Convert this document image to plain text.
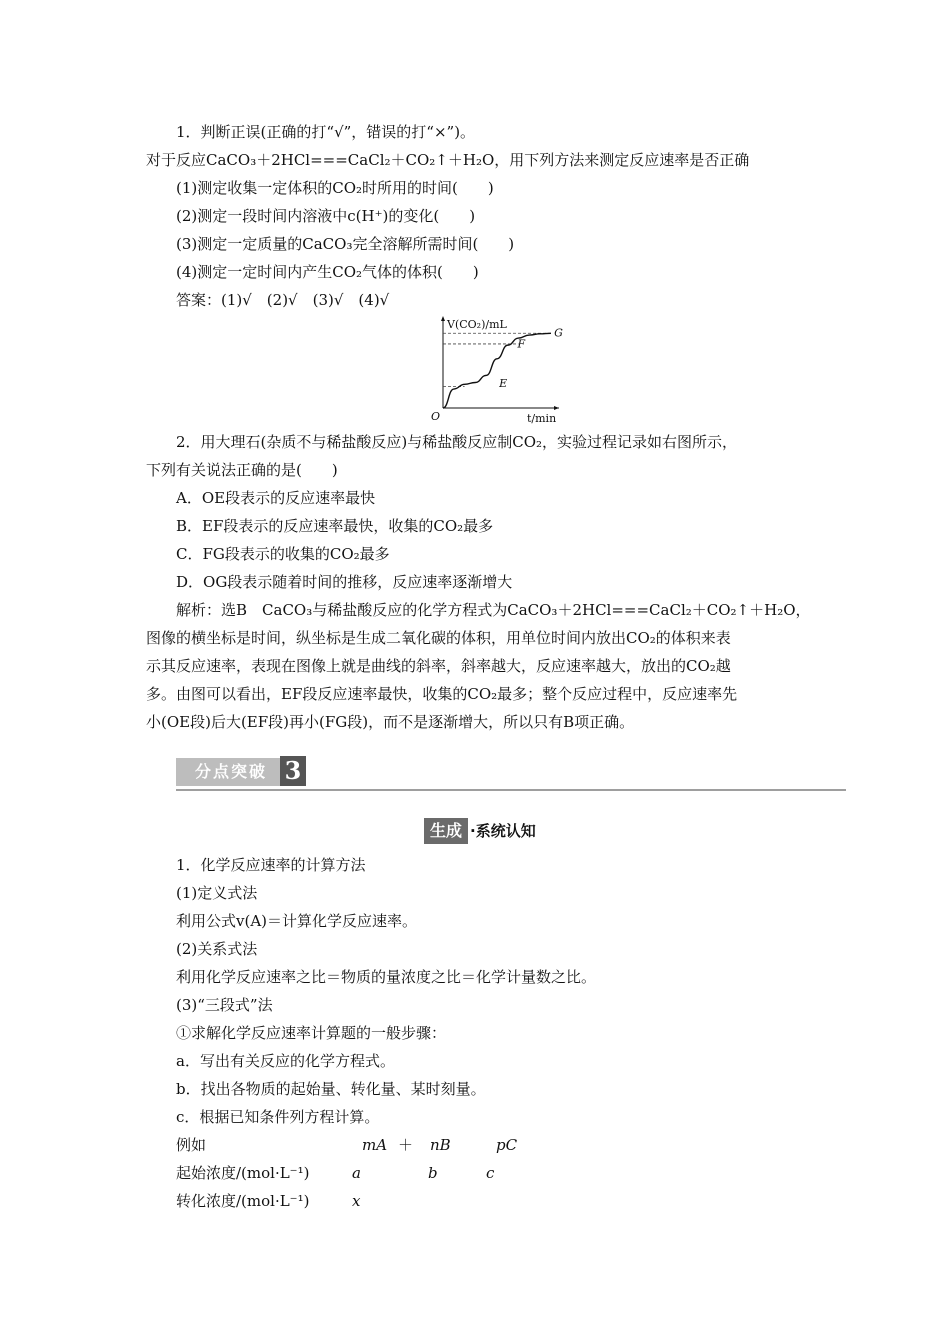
1．判断正误(正确的打“√”，错误的打“×”)。
对于反应CaCO₃＋2HCl===CaCl₂＋CO₂↑＋H₂O，用下列方法来测定反应速率是否正确
(1)测定收集一定体积的CO₂时所用的时间(　　)
(2)测定一段时间内溶液中c(H⁺)的变化(　　)
(3)测定一定质量的CaCO₃完全溶解所需时间(　　)
(4)测定一定时间内产生CO₂气体的体积(　　)
答案：(1)√　(2)√　(3)√　(4)√
V(CO₂)/mL
t/min
O
E
F
G
2．用大理石(杂质不与稀盐酸反应)与稀盐酸反应制CO₂，实验过程记录如右图所示，
下列有关说法正确的是(　　)
A．OE段表示的反应速率最快
B．EF段表示的反应速率最快，收集的CO₂最多
C．FG段表示的收集的CO₂最多
D．OG段表示随着时间的推移，反应速率逐渐增大
解析：选B　CaCO₃与稀盐酸反应的化学方程式为CaCO₃＋2HCl===CaCl₂＋CO₂↑＋H₂O，
图像的横坐标是时间，纵坐标是生成二氧化碳的体积，用单位时间内放出CO₂的体积来表
示其反应速率，表现在图像上就是曲线的斜率，斜率越大，反应速率越大，放出的CO₂越
多。由图可以看出，EF段反应速率最快，收集的CO₂最多；整个反应过程中，反应速率先
小(OE段)后大(EF段)再小(FG段)，而不是逐渐增大，所以只有B项正确。
分点突破 3
生成 ·系统认知
1．化学反应速率的计算方法
(1)定义式法
利用公式v(A)＝计算化学反应速率。
(2)关系式法
利用化学反应速率之比＝物质的量浓度之比＝化学计量数之比。
(3)“三段式”法
①求解化学反应速率计算题的一般步骤：
a．写出有关反应的化学方程式。
b．找出各物质的起始量、转化量、某时刻量。
c．根据已知条件列方程计算。
例如	mA ＋ nB	pC
起始浓度/(mol·L⁻¹)	a	b	c
转化浓度/(mol·L⁻¹)	x
